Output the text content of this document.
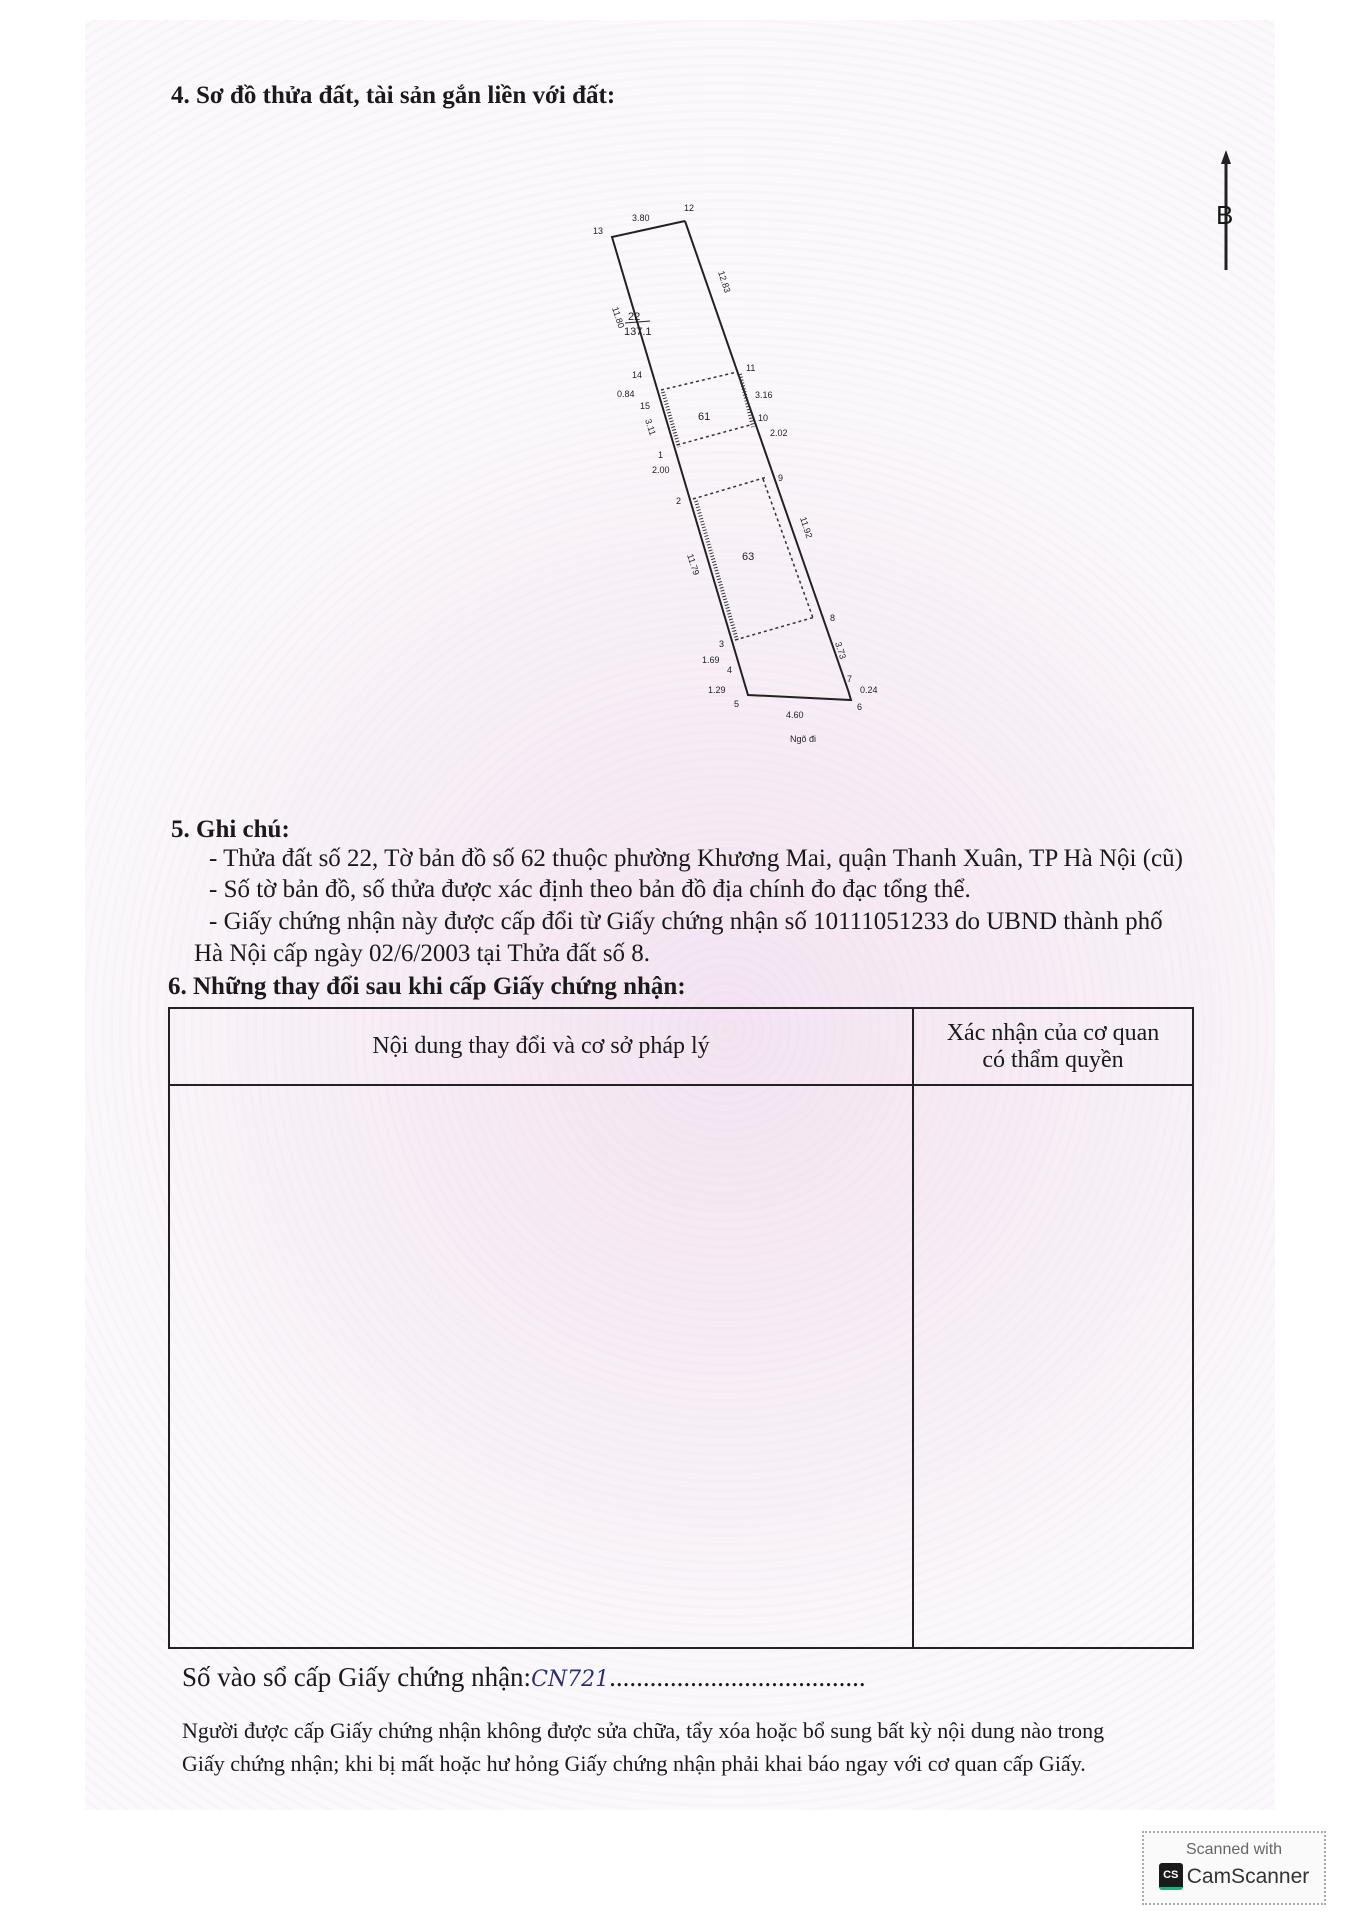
4. Sơ đồ thửa đất, tài sản gắn liền với đất:
B
22
137.1
61
63
Ngõ đi
13
12
3.80
11.80
12.83
14
0.84
15
3.11
1
2.00
11
3.16
10
2.02
9
2
11.79
11.92
8
3.73
3
1.69
4
1.29
5
7
0.24
6
4.60
5. Ghi chú:
- Thửa đất số 22, Tờ bản đồ số 62 thuộc phường Khương Mai, quận Thanh Xuân, TP Hà Nội (cũ)
- Số tờ bản đồ, số thửa được xác định theo bản đồ địa chính đo đạc tổng thể.
- Giấy chứng nhận này được cấp đổi từ Giấy chứng nhận số 10111051233 do UBND thành phố
Hà Nội cấp ngày 02/6/2003 tại Thửa đất số 8.
6. Những thay đổi sau khi cấp Giấy chứng nhận:
Nội dung thay đổi và cơ sở pháp lý	Xác nhận của cơ quan
có thẩm quyền

Số vào sổ cấp Giấy chứng nhận:CN721......................................
Người được cấp Giấy chứng nhận không được sửa chữa, tẩy xóa hoặc bổ sung bất kỳ nội dung nào trong
Giấy chứng nhận; khi bị mất hoặc hư hỏng Giấy chứng nhận phải khai báo ngay với cơ quan cấp Giấy.
Scanned with
CS CamScanner
